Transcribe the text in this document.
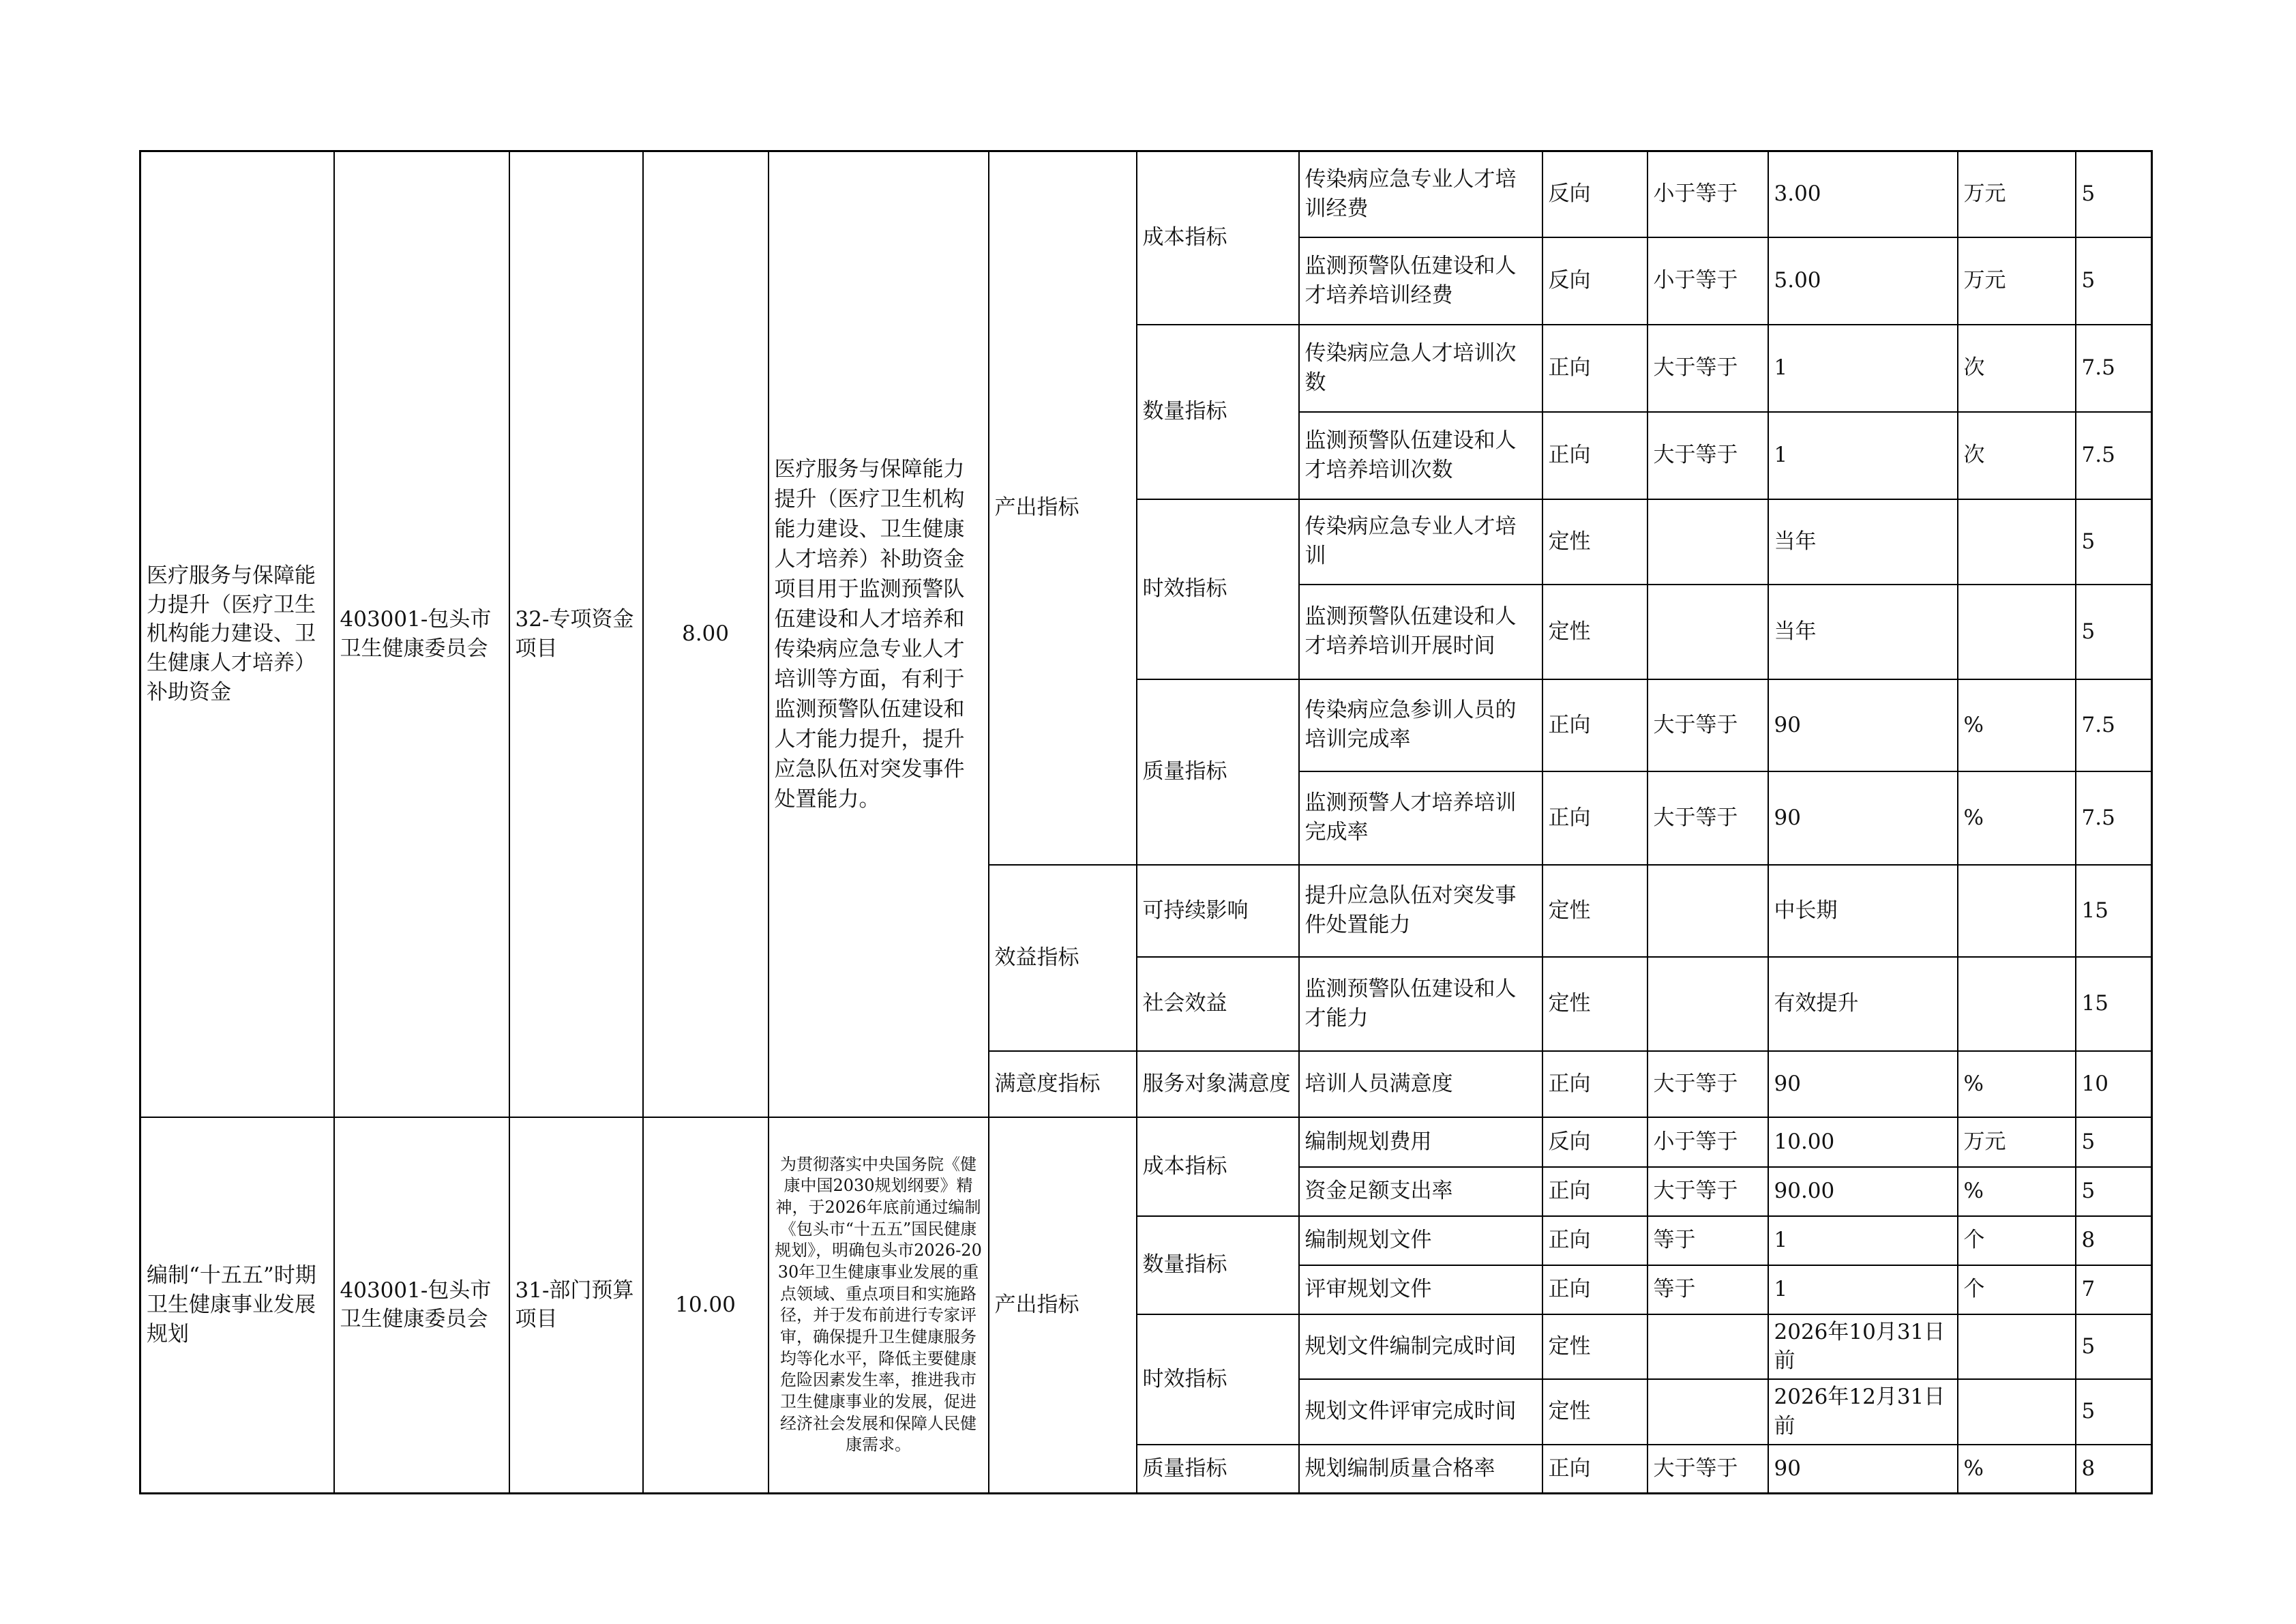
医疗服务与保障能力提升（医疗卫生机构能力建设、卫生健康人才培养）补助资金	403001-包头市卫生健康委员会	32-专项资金项目	8.00	医疗服务与保障能力提升（医疗卫生机构能力建设、卫生健康人才培养）补助资金项目用于监测预警队伍建设和人才培养和传染病应急专业人才培训等方面，有利于监测预警队伍建设和人才能力提升，提升应急队伍对突发事件处置能力。	产出指标	成本指标	传染病应急专业人才培训经费	反向	小于等于	3.00	万元	5
							监测预警队伍建设和人才培养培训经费	反向	小于等于	5.00	万元	5
						数量指标	传染病应急人才培训次数	正向	大于等于	1	次	7.5
							监测预警队伍建设和人才培养培训次数	正向	大于等于	1	次	7.5
						时效指标	传染病应急专业人才培训	定性		当年		5
							监测预警队伍建设和人才培养培训开展时间	定性		当年		5
						质量指标	传染病应急参训人员的培训完成率	正向	大于等于	90	%	7.5
							监测预警人才培养培训完成率	正向	大于等于	90	%	7.5
					效益指标	可持续影响	提升应急队伍对突发事件处置能力	定性		中长期		15
						社会效益	监测预警队伍建设和人才能力	定性		有效提升		15
					满意度指标	服务对象满意度	培训人员满意度	正向	大于等于	90	%	10
编制“十五五”时期卫生健康事业发展规划	403001-包头市卫生健康委员会	31-部门预算项目	10.00	为贯彻落实中央国务院《健康中国2030规划纲要》精神，于2026年底前通过编制《包头市“十五五”国民健康规划》，明确包头市2026-2030年卫生健康事业发展的重点领域、重点项目和实施路径，并于发布前进行专家评审，确保提升卫生健康服务均等化水平，降低主要健康危险因素发生率，推进我市卫生健康事业的发展，促进经济社会发展和保障人民健康需求。	产出指标	成本指标	编制规划费用	反向	小于等于	10.00	万元	5
							资金足额支出率	正向	大于等于	90.00	%	5
						数量指标	编制规划文件	正向	等于	1	个	8
							评审规划文件	正向	等于	1	个	7
						时效指标	规划文件编制完成时间	定性		2026年10月31日前		5
							规划文件评审完成时间	定性		2026年12月31日前		5
						质量指标	规划编制质量合格率	正向	大于等于	90	%	8
